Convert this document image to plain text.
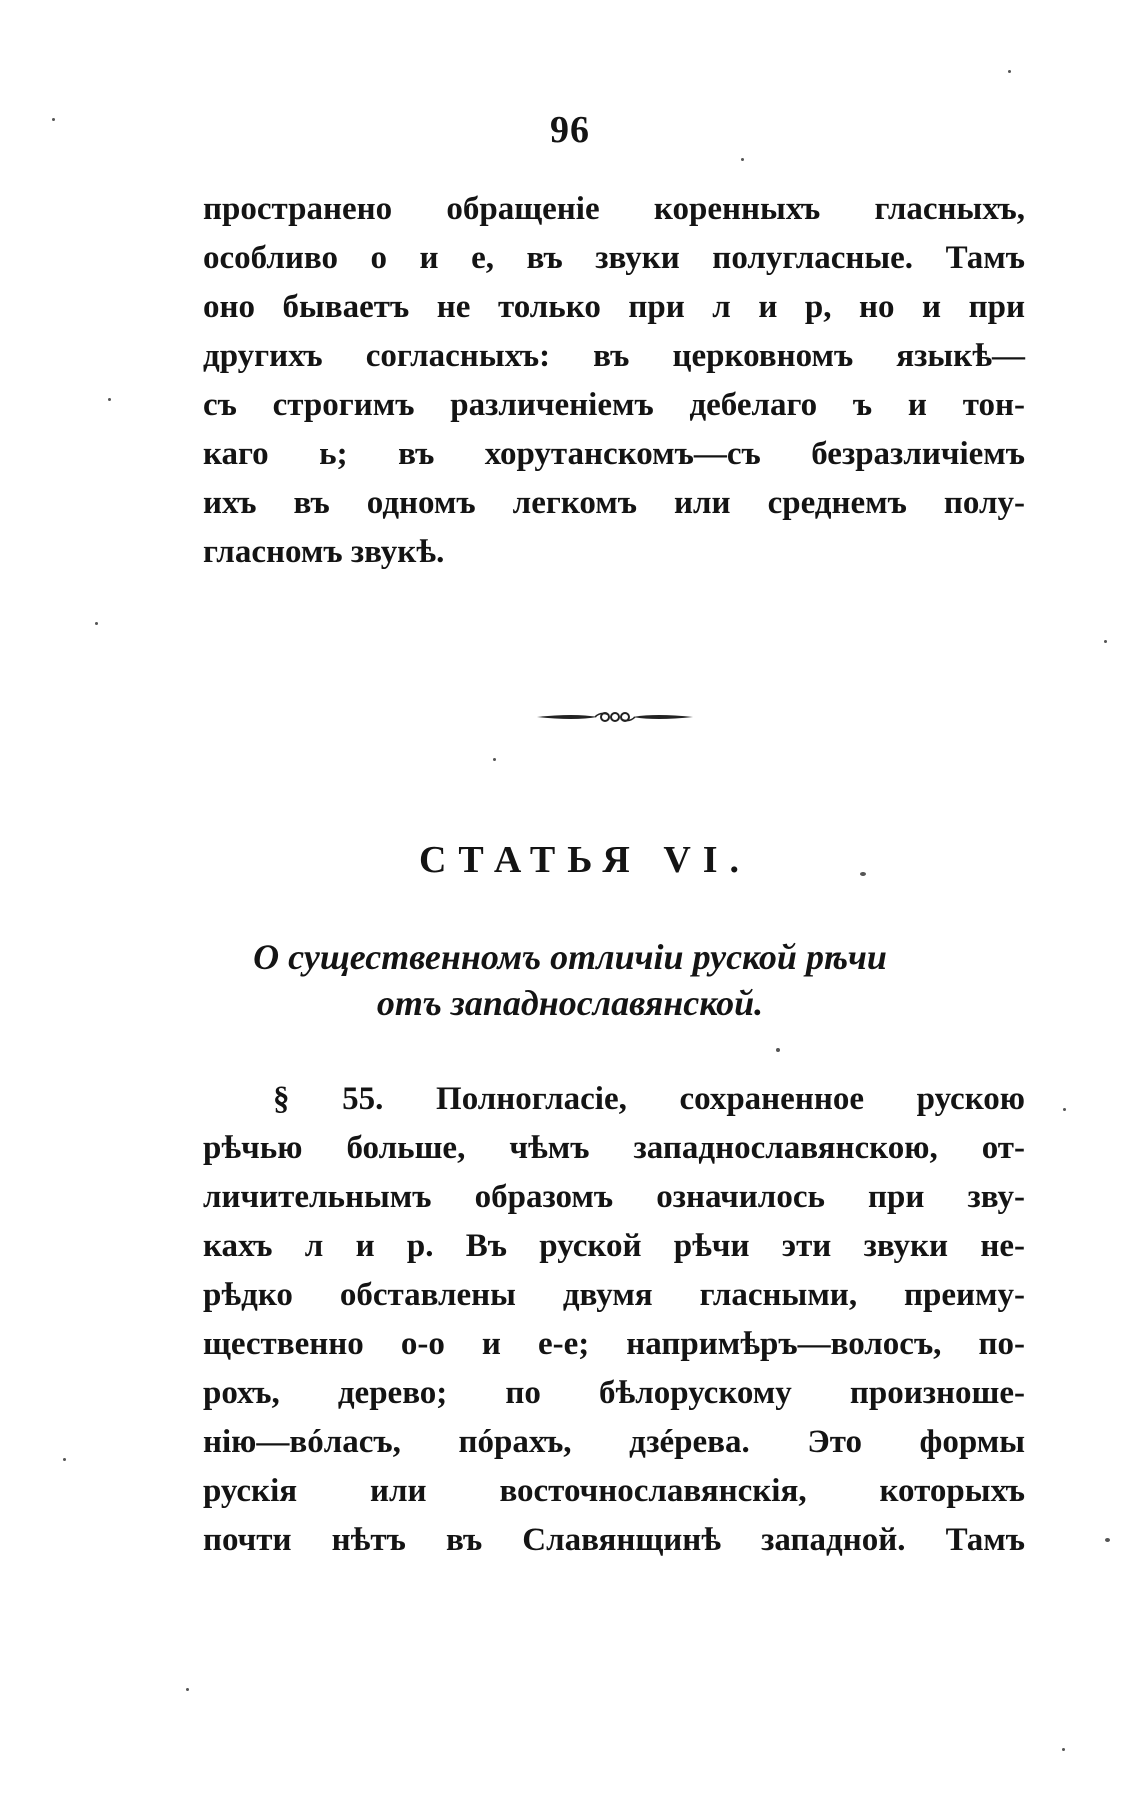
96
пространено обращеніе коренныхъ гласныхъ,
особливо о и е, въ звуки полугласные. Тамъ
оно бываетъ не только при л и р, но и при
другихъ согласныхъ: въ церковномъ языкѣ—
съ строгимъ различеніемъ дебелаго ъ и тон-
каго ь; въ хорутанскомъ—съ безразличіемъ
ихъ въ одномъ легкомъ или среднемъ полу-
гласномъ звукѣ.
СТАТЬЯ VI.
О существенномъ отличіи руской рѣчи
отъ западнославянской.
§ 55. Полногласіе, сохраненное рускою
рѣчью больше, чѣмъ западнославянскою, от-
личительнымъ образомъ означилось при зву-
кахъ л и р. Въ руской рѣчи эти звуки не-
рѣдко обставлены двумя гласными, преиму-
щественно о-о и е-е; напримѣръ—волосъ, по-
рохъ, дерево; по бѣлорускому произноше-
нію—вóласъ, пóрахъ, дзéрева. Это формы
рускія или восточнославянскія, которыхъ
почти нѣтъ въ Славянщинѣ западной. Тамъ
